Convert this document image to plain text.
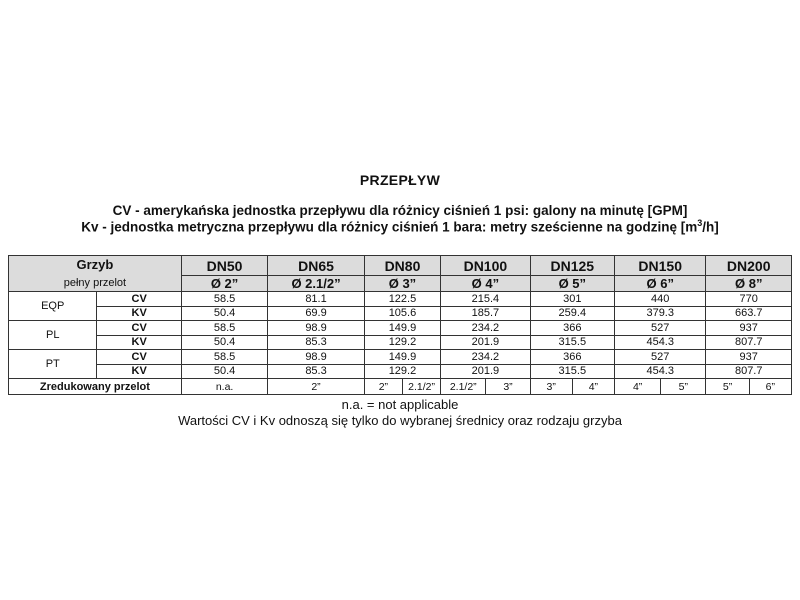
PRZEPŁYW
CV - amerykańska jednostka przepływu dla różnicy ciśnień 1 psi: galony na minutę [GPM]
Kv - jednostka metryczna przepływu dla różnicy ciśnień 1 bara: metry sześcienne na godzinę $[m^3/h]$
Grzyb
pełny przelot		DN50	DN65	DN80		DN100		DN125		DN150		DN200	
		Ø 2”	Ø 2.1/2”	Ø 3”		Ø 4”		Ø 5”		Ø 6”		Ø 8”	
EQP	CV	58.5	81.1	122.5		215.4		301		440		770	
	KV	50.4	69.9	105.6		185.7		259.4		379.3		663.7	
PL	CV	58.5	98.9	149.9		234.2		366		527		937	
	KV	50.4	85.3	129.2		201.9		315.5		454.3		807.7	
PT	CV	58.5	98.9	149.9		234.2		366		527		937	
	KV	50.4	85.3	129.2		201.9		315.5		454.3		807.7	
Zredukowany przelot		n.a.	2”	2”	2.1/2”	2.1/2”	3”	3”	4”	4”	5”	5”	6”
n.a. = not applicable
Wartości CV i Kv odnoszą się tylko do wybranej średnicy oraz rodzaju grzyba
